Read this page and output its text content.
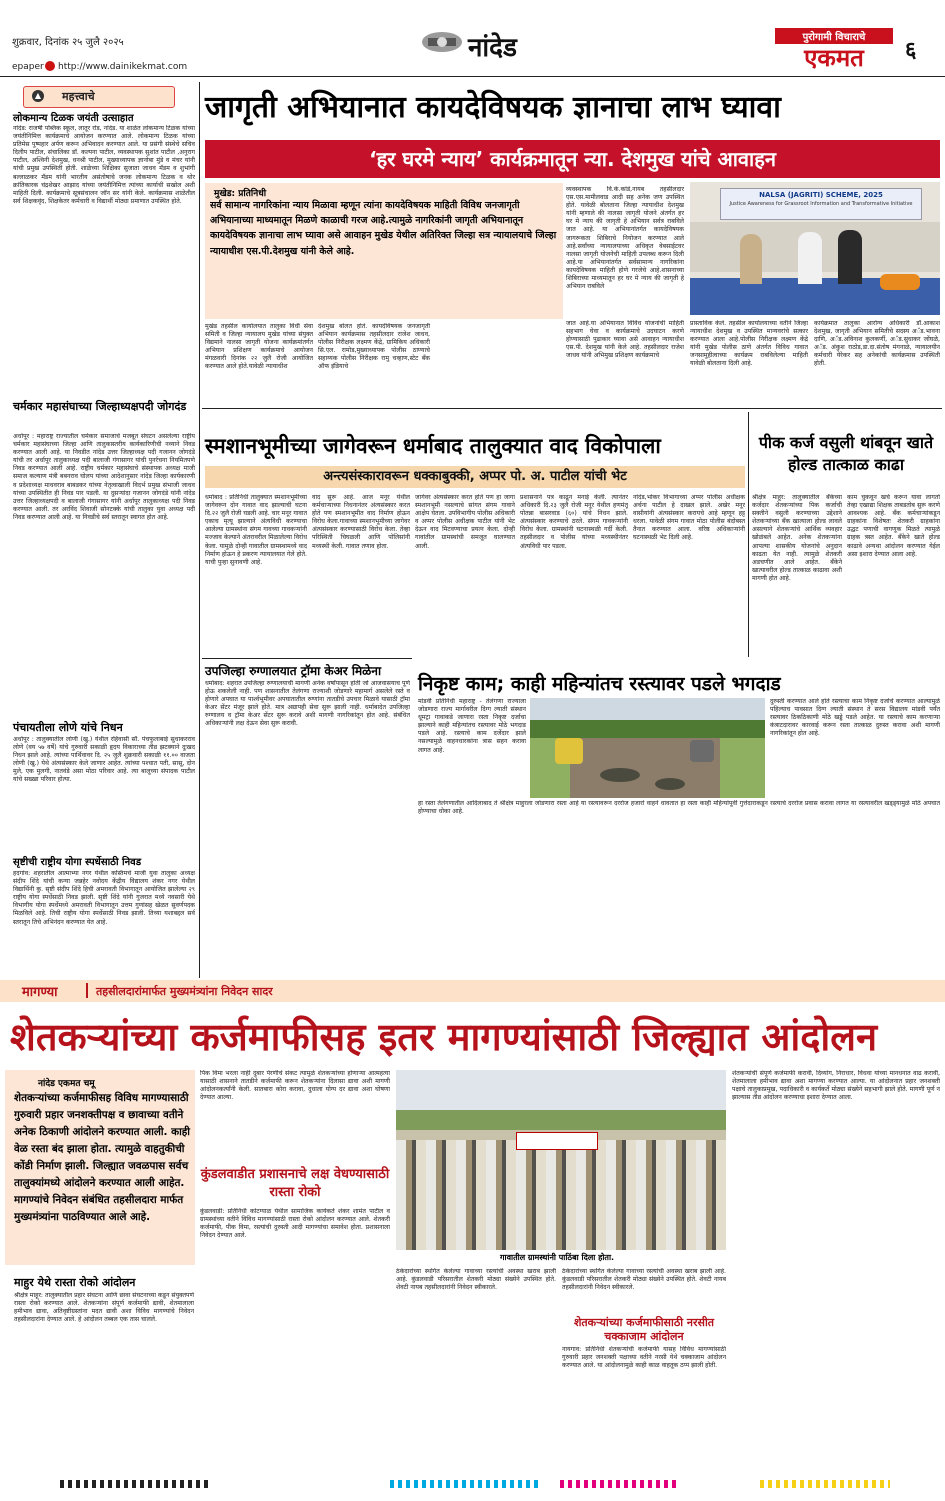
शुक्रवार, दिनांक २५ जुलै २०२५	नांदेड
epaper http://www.dainikekmat.com
पुरोगामी विचाराचे
एकमत	६
▲ महत्त्वाचे
लोकमान्य टिळक जयंती उत्साहात
नांदेड: राजर्षी पब्लिक स्कूल, लातूर रोड, नांदेड. या शाळेत लोकमान्य टिळक यांच्या जयंतीनिमित्त कार्यक्रमाचे आयोजन करण्यात आले. लोकमान्य टिळक यांच्या प्रतिमेस पुष्पहार अर्पण करून अभिवादन करण्यात आले. या प्रसंगी संस्थेचे सचिव दिलीप पाटील, संचालिका डॉ. कल्पना पाटील, व्यवस्थापक सुशांत पाटील ,अनुराग पाटील, अश्विनी देशमुख, धनश्री पाटील, मुख्याध्यापक ज्ञानोबा मुंडे व मंचर यांनी यांची प्रमुख उपस्थिती होती. शाळेच्या शिक्षिका सुजाता जाधव मॅडम व शुभांगी बल्लाळकर मॅडम यांनी भारतीय असंतोषाचे जनक लोकमान्य टिळक व थोर क्रांतिकारक चंद्रशेखर आझाद यांच्या जयंतीनिमित्त त्यांच्या कार्याची सखोल अशी माहिती दिली. कार्यक्रमाचे सूत्रसंचालन जॉन सर यांनी केले. कार्यक्रमास शाळेतील सर्व शिक्षकवृंद, शिक्षकेतर कर्मचारी व विद्यार्थी मोठ्या प्रमाणात उपस्थित होते.
चर्मकार महासंघाच्या जिल्हाध्यक्षपदी जोगदंड
अर्धापूर : महाराष्ट्र राज्यातील चर्मकार समाजाचे मजबूत संघटन असलेल्या राष्ट्रीय चर्मकार महासंघाच्या जिल्हा आणि तालुकास्तरीय कार्यकारिणीची नव्याने निवड करण्यात आली आहे. या निवडीत नांदेड उत्तर जिल्हाध्यक्ष पदी गजानन जोगदंडे यांची तर अर्धापूर तालुकाध्यक्ष पदी बालाजी गंगासागर यांची पुनर्रचना नियमितपणे निवड करण्यात आली आहे. राष्ट्रीय चर्मकार महासंघाचे संस्थापक अध्यक्ष माजी समाज कल्याण मंत्री बबनराव घोलप यांच्या आदेशानुसार नांदेड जिल्हा कार्यकारणी व प्रदेशाध्यक्ष माधवराव बाबडकर यांच्या नेतृत्वाखाली विदर्भ प्रमुख संभाजी जाधव यांच्या उपस्थितीत ही निवड पार पडली. या दुसऱ्यांदा गजानन जोगदंडे यांनी नांदेड उत्तर जिल्हाध्यक्षपदी व बालाजी गंगासागर यांनी अर्धापूर तालुकाध्यक्ष पदी निवड करण्यात आली. तर अरविंद शिवाजी सोनटक्के यांची तालुका युवा अध्यक्ष पदी निवड करण्यात आली आहे. या निवडीचे सर्व स्तरातून स्वागत होत आहे.
पंचायतीला लोणे यांचे निधन
अर्धापूर : तालुक्यातील लोणी (खु.) येथील रहिवासी सौ. पंचफुलाबाई सुधाकरराव लोणे (वय ५७ वर्षे) यांचे गुरुवारी सकाळी हृदय विकाराच्या तीव्र झटक्याने दुःखद निधन झाले आहे. त्यांच्या पार्थिवावर दि. २५ जुलै शुक्रवारी सकाळी ११.०० वाजता लोणी (खु.) येथे अंत्यसंस्कार केले जाणार आहेत. त्यांच्या पश्चात पती, सासू, दोन मुले, एक मुलगी, नातवंडे असा मोठा परिवार आहे. त्या बालूच्या संपादक पाटील यांचे सख्खा परिवार होत्या.
सृष्टीची राष्ट्रीय योगा स्पर्धेसाठी निवड
हदगांव: शहरातील आत्माभ्या नगर येथील कस्तिमचे माजी युवा तालुका अध्यक्ष संदीप शिंदे यांची कन्या जन्नहेर नवोदय केंद्रीय विद्यालय शंकर नगर येथील विद्यार्थिनी कु. सृष्टी संदीप शिंदे हिची अमरावती विभागातून आयोजित झालेल्या २९ राष्ट्रीय योगा स्पर्धेसाठी निवड झाली. सृष्टी शिंदे यांनी गुजरात मध्ये नवसारी येथे विभागीय योगा स्पर्धेमध्ये अमरावती विभागातून उत्तम गुणांसह खेळत सुवर्णपदक मिळविले आहे. तिची राष्ट्रीय योगा स्पर्धेसाठी निवड झाली. तिच्या यशाबद्दल सर्व स्तरातून तिचे अभिनंदन करण्यात येत आहे.
जागृती अभियानात कायदेविषयक ज्ञानाचा लाभ घ्यावा
‘हर घरमे न्याय’ कार्यक्रमातून न्या. देशमुख यांचे आवाहन
मुखेड: प्रतिनिधी
सर्व सामान्य नागरिकांना न्याय मिळावा म्हणून त्यांना कायदेविषयक माहिती विविध जनजागृती अभियानाच्या माध्यमातून मिळणे काळाची गरज आहे.त्यामुळे नागरिकांनी जागृती अभियानातून कायदेविषयक ज्ञानाचा लाभ घ्यावा असे आवाहन मुखेड येथील अतिरिक्त जिल्हा सत्र न्यायालयाचे जिल्हा न्यायाधीश एस.पी.देशमुख यांनी केले आहे.
मुखेड तहसील कार्यालयात तालुका विधी सेवा समिती व जिल्हा न्यायालय मुखेड यांच्या संयुक्त विद्यमाने नालसा जागृती योजना कार्यक्रमांतर्गत अभियान प्रशिक्षण कार्यक्रमाचे आयोजन मंगळवारी दिनांक २२ जुलै रोजी आयोजित करण्यात आले होते.यावेळी न्यायाधीश
देशमुख बोलत होते. कायदेविषयक जनजागृती अभियान कार्यक्रमास तहसीलदार राजेश जाधव, पोलीस निरीक्षक लक्ष्मण केंद्रे, ग्रामिकिय अधिकारी सि.एल. रामोड,मुख्याध्यापक पोलीस ठाण्याचे सहाय्यक पोलीस निरीक्षक रामु चव्हाण,स्टेट बँक ऑफ इंडियाचे
व्यवस्थापक वि.के.कांडे,नायब तहसीलदार एस.एस.मामीलवाड आदी सह अनेक जण उपस्थित होते. यावेळी बोलताना जिल्हा न्यायाधीश देशमुख यांनी म्हणाले की नालसा जागृती योजने अंतर्गत हर घर मे न्याय की जागृती हे अभियान सर्वत्र राबविले जात आहे. या अभियानांतर्गत कायदेविषयक जागरूकता शिबिराचे नियोजन करण्यात आले आहे.सर्वांच्या न्यायालयाच्या अधिकृत वेबसाईटवर नालसा जागृती योजनेची माहिती उपलब्ध करून दिली आहे.या अभियानांतर्गत सर्वसामान्य नागरिकांना कायदेविषयक माहिती होणे गरजेचे आहे.शासनाच्या शिबिराच्या माध्यमातून हर घर मे न्याय की जागृती हे अभियान राबविले
NALSA (JAGRITI) SCHEME, 2025
Justice Awareness for Grassroot Information and Transformative Initiative
जात आहे.या अभियानात विविध योजनांची माहिती सहभाग घेवा व कार्यक्रमाचे उदघाटन करणे होण्यासाठी पुढाकार घ्यावा असे आवाहन न्यायाधीश एस.पी. देशमुख यांनी केले आहे. तहसीलदार राजेश जाधव यांनी अभिमुख प्रशिक्षण कार्यक्रमाचे
प्रास्ताविक केले. तहसील कार्यालयाच्या वतीने जिल्हा न्यायाधीश देशमुख व उपस्थित मान्यवरांचे सत्कार करण्यात आला आहे.पोलीस निरीक्षक लक्ष्मण केंद्रे यांनी मुखेड पोलीस ठाणे अंतर्गत विविध गावात जनसामुहीत्वाच्या कार्यक्रम राबविलेल्या माहिती यावेळी बोलताना दिली आहे.
कार्यक्रमात तालुका आरोग्य अधिकारी डॉ.आकाश देशमुख, जागृती अभियान समितीचे सदस्य अॅड.भावना दाणि, अॅड.अविनाश कुलकर्णी, अॅड.सुधाकर जोंघळे, अॅड. अंकुश राठोड,डा.दा.संतोष मंगनाळे, न्यायालयीन कर्मचारी येरेकर सह अनेकांची कार्यक्रमास उपस्थिती होती.
स्मशानभूमीच्या जागेवरून धर्माबाद तालुक्यात वाद विकोपाला
अन्त्यसंस्कारावरून धक्काबुक्की, अप्पर पो. अ. पाटील यांची भेट
धर्माबाद : प्रतिनिधी तालुक्यात स्मशानभूमीच्या जागेवरून दोन गावात वाद झाल्याची घटना दि.२२ जुलै रोजी घडली आहे. चार मनूर गावात एकाच मृत्यू झाल्याने अंत्यविधी करण्याचा आलेल्या ग्रामस्थांना संगम गावच्या गावकऱ्यांनी मज्जाव केल्याने अंतरावरील मिळालेल्या विरोध केला. यामुळे दोन्ही गावातील ग्रामस्थामध्ये वाद निर्माण होऊन हे प्रकरण न्यायालयात गेले होते. याची पुन्हा सुनावणी आहे.
वाद सुरू आहे. आज मनूर येथील कर्मचाऱ्याच्या निधनानंतर अंत्यसंस्कार करत होते पण स्मशानभूमीत वाद निर्माण होऊन विरोध केला.गावाच्या स्मशानभूमीच्या जागेवर अंत्यसंस्कार करण्यासाठी विरोध केला. तेव्हा परिस्थिती चिघळली आणि पोलिसांनी मध्यस्थी केली. गावात तणाव होता.
जागेवर अंत्यसंस्कार करत होते पण हा जागा स्मशानभूमी नसल्याचे सांगत संगम गावाने आक्षेप घेतला. उपविभागीय पोलीस अधिकारी व अप्पर पोलीस अधीक्षक पाटील यांनी भेट देऊन वाद मिटवण्याचा प्रयत्न केला. दोन्ही गावांतील ग्रामस्थांची समजूत घालण्यात आली.
प्रशासनाने पत्र काढून मनाई केली. त्यानंतर अधिकारी दि.२३ जुलै रोजी मनूर येथील हणमंतू पोतन्ना बासरवाड (६०) यांचे निधन झाले. अंत्यसंस्कार करण्याचे ठरले. संगम गावकऱ्यांनी विरोध केला. ग्रामस्थांनी घटनास्थळी गर्दी केली. तहसीलदार व पोलीस यांच्या मध्यस्थीनंतर अंत्यविधी पार पडला.
नांदेड,भोकर विभागाच्या अप्पर पोलीस अधीक्षक अर्चना पाटील हे दाखल झाले. अखेर मनूर वासीयांनी अंत्यसंस्कार करायचे आहे म्हणून हट्ट धरला. यावेळी संगम गावात मोठा पोलीस बंदोबस्त तैनात करण्यात आला. वरिष्ठ अधिकाऱ्यांनी घटनास्थळी भेट दिली आहे.
पीक कर्ज वसुली थांबवून खाते होल्ड तात्काळ काढा
श्रीक्षेत्र माहूर: तालुक्यातील बँकेच्या कर्जदार शेतकऱ्यांच्या पिक कर्जाची सक्तीने वसुली करण्याच्या उद्देशाने शेतकऱ्यांच्या बँक खात्याला होल्ड लावले असल्याने शेतकऱ्यांचे आर्थिक व्यवहार खोळंबले आहेत. अनेक शेतकऱ्यांना आपल्या शासकीय योजनांचे अनुदान काढता येत नाही. त्यामुळे शेतकरी अडचणीत आले आहेत. बँकेने खात्यावरील होल्ड तात्काळ काढावा अशी मागणी होत आहे.
काम चुकवून खर्च करून यावा लागतो तेव्हा एखाद्या शिक्षक ताबडतोब सुरू करणे आवश्यक आहे. बँक कर्मचाऱ्यांकडून ग्राहकांना विशेषतः शेतकरी ग्राहकांना उद्धट पणाची वागणूक मिळते त्यामुळे ग्राहक त्रस्त आहेत. बँकेने खाते होल्ड काढावे अन्यथा आंदोलन करण्यात येईल असा इशारा देण्यात आला आहे.
उपजिल्हा रुग्णालयात ट्रॉमा केअर मिळेना
धर्माबाद: शहरात उपजिल्हा रुग्णालयाची मागणी अनेक वर्षांपासून होती जो आजवासयाच पूर्ण होऊ शकलेली नाही. पण शासनातील तेलंगणा राज्याशी जोडणारे महामार्ग असलेले रस्ते व होणारे अपघात या पार्श्वभूमीवर अपघातातील रुग्णांना तातडीचे उपचार मिळावे यासाठी ट्रॉमा केअर सेंटर मंजूर झाले होते. मात्र अद्यापही सेवा सुरू झाली नाही. धर्माबादेत उपजिल्हा रुग्णालय व ट्रॉमा केअर सेंटर सुरू करावे अशी मागणी नागरिकांतून होत आहे. संबंधित अधिकाऱ्यांनी लक्ष देऊन सेवा सुरू करावी.
निकृष्ट काम; काही महिन्यांतच रस्त्यावर पडले भगदाड
मांडवी प्रतिनिधी महाराष्ट्र - तेलंगणा राज्याला जोडणारा राज्य मार्गावरील दिग्ग ल्याती संस्थान धूमट्रा गावाकडे जाणारा रस्ता निकृष्ट दर्जाचा झाल्याने काही महिन्यांतच रस्त्यावर मोठे भगदाड पडले आहे. रस्त्याचे काम दर्जेदार झाले नसल्यामुळे वाहनधारकांना त्रास सहन करावा लागत आहे.
दुरुस्ती करण्यात आले होते रस्त्याचा काम निकृष्ट दर्जाचे करण्यात आल्यामुळे पहिल्याच पावसात दिग्ग ल्याती संस्थान ते सरस विद्यालय मांडवी पर्यंत रस्त्यावर ठिकठिकाणी मोठे खड्डे पडले आहेत. या रस्त्याचे काम करणाऱ्या कंत्राटदारावर कारवाई करून रस्ता तात्काळ दुरुस्त करावा अशी मागणी नागरिकांतून होत आहे.
हा रस्ता तेलंगणातील आदिलाबाद ते श्रीक्षेत्र माहुरला जोडणारा रस्ता आहे या रस्त्यावरून दररोज हजारो वाहने धावतात हा रस्ता काही महिन्यांपूर्वी गुत्तेदाराकडून रस्त्याचे दररोज प्रवास करावा लागत या रस्त्यावरील खड्ड्यामुळे मोठे अपघात होण्याचा धोका आहे.
मागण्या	तहसीलदारांमार्फत मुख्यमंत्र्यांना निवेदन सादर
शेतकऱ्यांच्या कर्जमाफीसह इतर मागण्यांसाठी जिल्ह्यात आंदोलन
नांदेड एकमत चमू
शेतकऱ्यांच्या कर्जमाफीसह विविध मागण्यासाठी गुरुवारी प्रहार जनशक्तीपक्ष व छावाच्या वतीने अनेक ठिकाणी आंदोलने करण्यात आली. काही वेळ रस्ता बंद झाला होता. त्यामुळे वाहतुकीची कोंडी निर्माण झाली. जिल्ह्यात जवळपास सर्वच तालुक्यांमध्ये आंदोलने करण्यात आली आहेत. मागण्यांचे निवेदन संबंधित तहसीलदारा मार्फत मुख्यमंत्र्यांना पाठविण्यात आले आहे.
माहुर येथे रास्ता रोको आंदोलन
श्रीक्षेत्र माहूर: तालुक्यातील प्रहार संघटना आणि छावा संघटनाच्या कडून संयुक्तपणे रास्ता रोको करण्यात आले. शेतकऱ्यांना संपूर्ण कर्जमाफी द्यावी, शेतमालाला हमीभाव द्यावा, अतिवृष्टीग्रस्तांना मदत द्यावी अशा विविध मागण्यांचे निवेदन तहसीलदारांना देण्यात आले. हे आंदोलन तब्बल एक तास चालले.
पिक विमा भरला नाही दुबार पेरणीचे संकट त्यामुळे शेतकऱ्यांच्या होणाऱ्या आत्महत्या यासाठी शासनाने तातडीने कर्जमाफी करून शेतकऱ्यांना दिलासा द्यावा अशी मागणी आंदोलनकर्त्यांनी केली. सातबारा कोरा करावा, दुधाला योग्य दर द्यावा अशा घोषणा देण्यात आल्या.
कुंडलवाडीत प्रशासनाचे लक्ष वेधण्यासाठी रास्ता रोको
कुंडलवाडी: प्रतिनिधी कोटग्याळ येथील सामाजिक कार्यकर्ते शंकर शामंत पाटील व ग्रामस्थांच्या वतीने विविध मागण्यांसाठी रास्ता रोको आंदोलन करण्यात आले. शेतकरी कर्जमाफी, पीक विमा, रस्त्यांची दुरुस्ती आदी मागण्यांचा समावेश होता. प्रशासनाला निवेदन देण्यात आले.
गावातील ग्रामस्थांनी पाठिंबा दिला होता.
ठेकेदारांच्या स्थगित केलेल्या गावाच्या रस्त्यांची अवस्था खराब झाली आहे. कुंडलवाडी परिसरातील शेतकरी मोठ्या संख्येने उपस्थित होते. शेवटी नायब तहसीलदारांनी निवेदन स्वीकारले.
ठेकेदारांच्या स्थगित केलेल्या गावाच्या रस्त्यांची अवस्था खराब झाली आहे. कुंडलवाडी परिसरातील शेतकरी मोठ्या संख्येने उपस्थित होते. शेवटी नायब तहसीलदारांनी निवेदन स्वीकारले.
शेतकऱ्यांच्या कर्जमाफीसाठी नरसीत चक्काजाम आंदोलन
नायगाव: प्रतिनिधी शेतकऱ्यांची कर्जमाफी यासह विविध मागण्यांसाठी गुरुवारी प्रहार जनशक्ती पक्षाच्या वतीने नरसी येथे चक्काजाम आंदोलन करण्यात आले. या आंदोलनामुळे काही काळ वाहतूक ठप्प झाली होती.
शेतकऱ्यांची संपूर्ण कर्जमाफी करावी, दिव्यांग, निराधार, विधवा यांच्या मानधनात वाढ करावी, शेतमालाला हमीभाव द्यावा अशा मागण्या करण्यात आल्या. या आंदोलनात प्रहार जनशक्ती पक्षाचे तालुकाप्रमुख, पदाधिकारी व कार्यकर्ते मोठ्या संख्येने सहभागी झाले होते. मागणी पूर्ण न झाल्यास तीव्र आंदोलन करण्याचा इशारा देण्यात आला.
